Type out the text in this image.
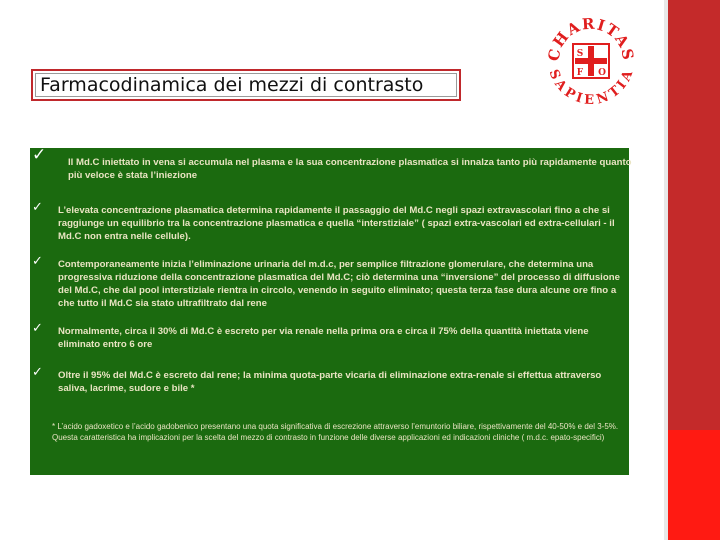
Farmacodinamica dei mezzi di contrasto
CHARITAS
SAPIENTIA
S
F O
✓ Il Md.C iniettato in vena si accumula nel plasma e la sua concentrazione plasmatica si innalza tanto più rapidamente quanto più veloce è stata l’iniezione
✓ L’elevata concentrazione plasmatica determina rapidamente il passaggio del Md.C negli spazi extravascolari fino a che si raggiunge un equilibrio tra la concentrazione plasmatica e quella “interstiziale” ( spazi extra-vascolari ed extra-cellulari - il Md.C non entra nelle cellule).
✓ Contemporaneamente inizia l’eliminazione urinaria del m.d.c, per semplice filtrazione glomerulare, che determina una progressiva riduzione della concentrazione plasmatica del Md.C; ciò determina una “inversione” del processo di diffusione del Md.C, che dal pool interstiziale rientra in circolo, venendo in seguito eliminato; questa terza fase dura alcune ore fino a che tutto il Md.C sia stato ultrafiltrato dal rene
✓ Normalmente, circa il 30% di Md.C è escreto per via renale nella prima ora e circa il 75% della quantità iniettata viene eliminato entro 6 ore
✓ Oltre il 95% del Md.C è escreto dal rene; la minima quota-parte vicaria di eliminazione extra-renale si effettua attraverso saliva, lacrime, sudore e bile *
* L’acido gadoxetico e l’acido gadobenico presentano una quota significativa di escrezione attraverso l’emuntorio biliare, rispettivamente del 40-50% e del 3-5%. Questa caratteristica ha implicazioni per la scelta del mezzo di contrasto in funzione delle diverse applicazioni ed indicazioni cliniche ( m.d.c. epato-specifici)
